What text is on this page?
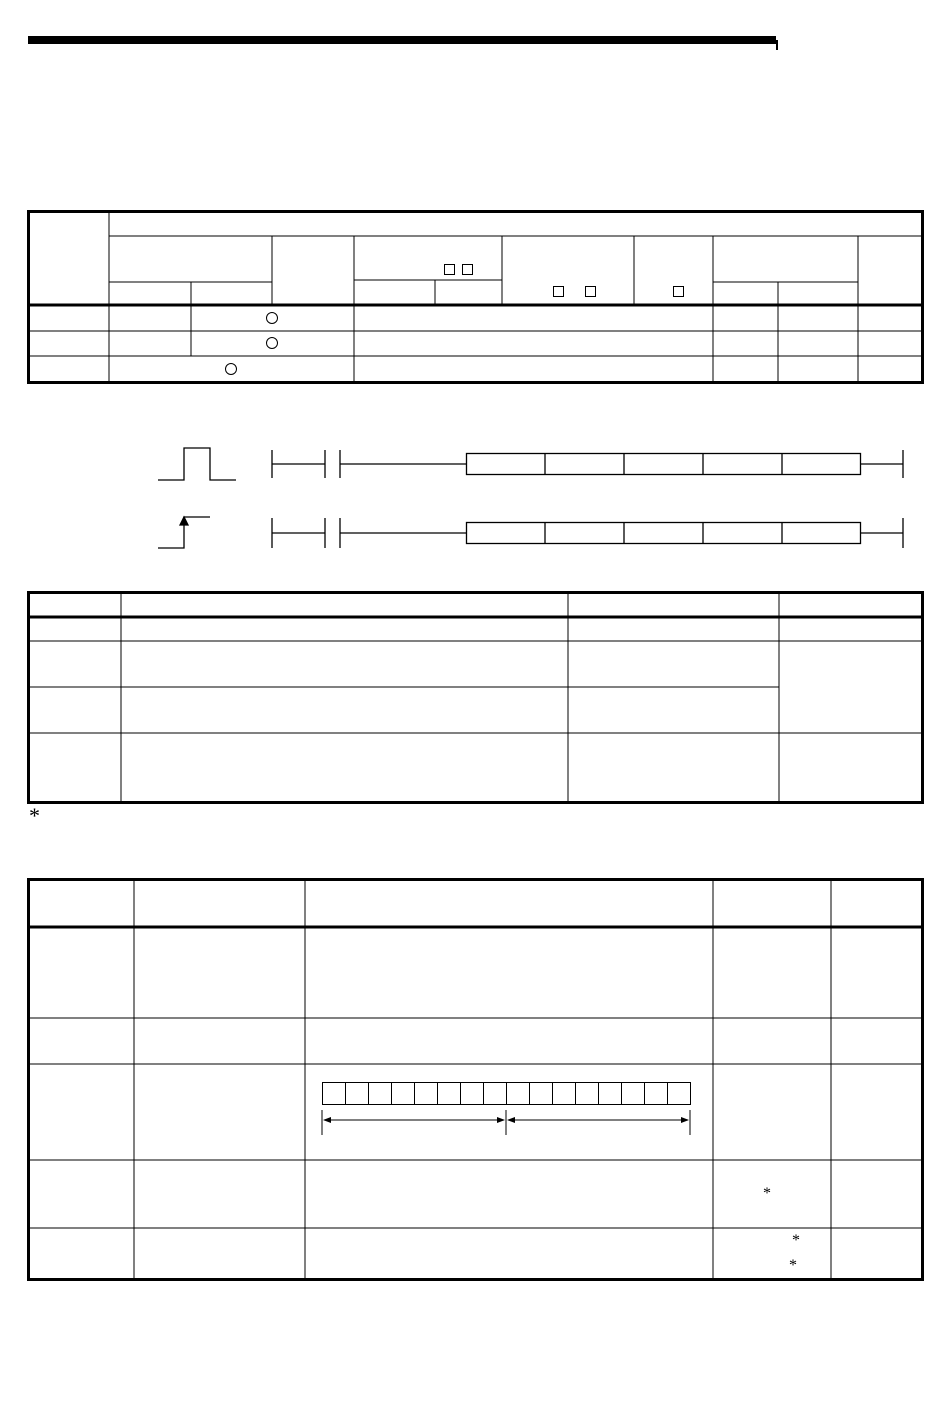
*
*
*
*
